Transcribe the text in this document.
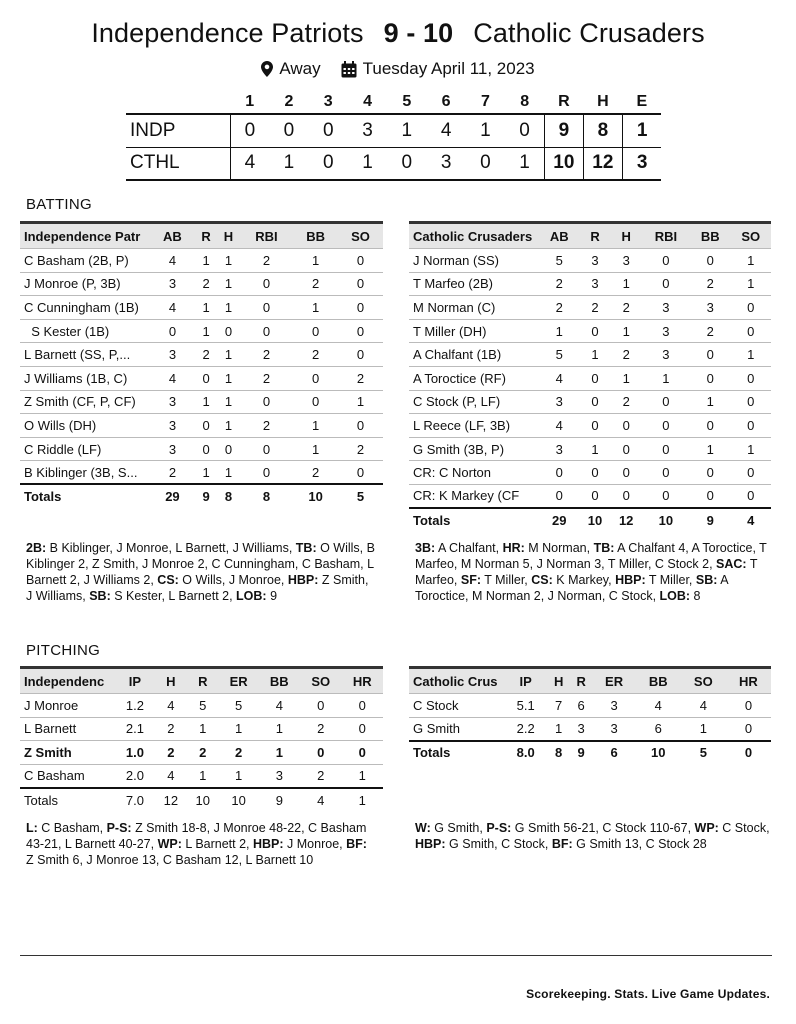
Independence Patriots 9 - 10 Catholic Crusaders
Away Tuesday April 11, 2023
	1	2	3	4	5	6	7	8	R	H	E
INDP	0	0	0	3	1	4	1	0	9	8	1
CTHL	4	1	0	1	0	3	0	1	10	12	3
BATTING
Independence Patr	AB	R	H	RBI	BB	SO
C Basham (2B, P)	4	1	1	2	1	0
J Monroe (P, 3B)	3	2	1	0	2	0
C Cunningham (1B)	4	1	1	0	1	0
S Kester (1B)	0	1	0	0	0	0
L Barnett (SS, P,...	3	2	1	2	2	0
J Williams (1B, C)	4	0	1	2	0	2
Z Smith (CF, P, CF)	3	1	1	0	0	1
O Wills (DH)	3	0	1	2	1	0
C Riddle (LF)	3	0	0	0	1	2
B Kiblinger (3B, S...	2	1	1	0	2	0
Totals	29	9	8	8	10	5
Catholic Crusaders	AB	R	H	RBI	BB	SO
J Norman (SS)	5	3	3	0	0	1
T Marfeo (2B)	2	3	1	0	2	1
M Norman (C)	2	2	2	3	3	0
T Miller (DH)	1	0	1	3	2	0
A Chalfant (1B)	5	1	2	3	0	1
A Toroctice (RF)	4	0	1	1	0	0
C Stock (P, LF)	3	0	2	0	1	0
L Reece (LF, 3B)	4	0	0	0	0	0
G Smith (3B, P)	3	1	0	0	1	1
CR: C Norton	0	0	0	0	0	0
CR: K Markey (CF	0	0	0	0	0	0
Totals	29	10	12	10	9	4
2B: B Kiblinger, J Monroe, L Barnett, J Williams, TB: O Wills, B Kiblinger 2, Z Smith, J Monroe 2, C Cunningham, C Basham, L Barnett 2, J Williams 2, CS: O Wills, J Monroe, HBP: Z Smith, J Williams, SB: S Kester, L Barnett 2, LOB: 9
3B: A Chalfant, HR: M Norman, TB: A Chalfant 4, A Toroctice, T Marfeo, M Norman 5, J Norman 3, T Miller, C Stock 2, SAC: T Marfeo, SF: T Miller, CS: K Markey, HBP: T Miller, SB: A Toroctice, M Norman 2, J Norman, C Stock, LOB: 8
PITCHING
Independenc	IP	H	R	ER	BB	SO	HR
J Monroe	1.2	4	5	5	4	0	0
L Barnett	2.1	2	1	1	1	2	0
Z Smith	1.0	2	2	2	1	0	0
C Basham	2.0	4	1	1	3	2	1
Totals	7.0	12	10	10	9	4	1
Catholic Crus	IP	H	R	ER	BB	SO	HR
C Stock	5.1	7	6	3	4	4	0
G Smith	2.2	1	3	3	6	1	0
Totals	8.0	8	9	6	10	5	0
L: C Basham, P-S: Z Smith 18-8, J Monroe 48-22, C Basham 43-21, L Barnett 40-27, WP: L Barnett 2, HBP: J Monroe, BF: Z Smith 6, J Monroe 13, C Basham 12, L Barnett 10
W: G Smith, P-S: G Smith 56-21, C Stock 110-67, WP: C Stock, HBP: G Smith, C Stock, BF: G Smith 13, C Stock 28
Scorekeeping. Stats. Live Game Updates.
